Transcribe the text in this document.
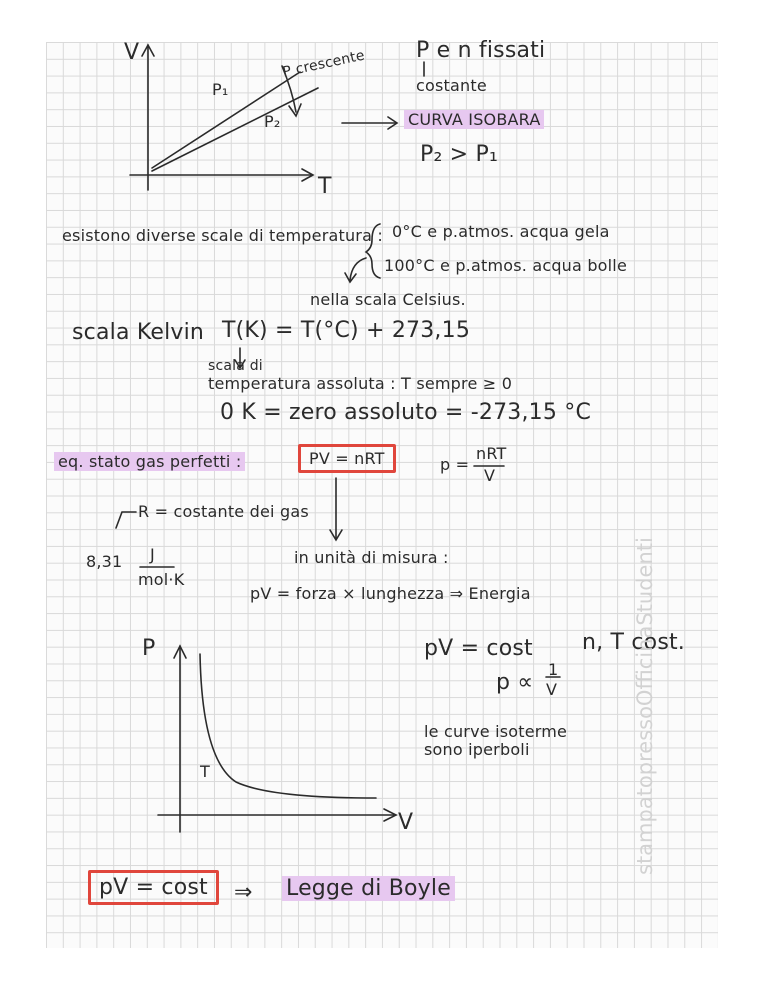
V
T
P₁
P₂
P crescente P e n fissati
costante
CURVA ISOBARA
P₂ > P₁
esistono diverse scale di temperatura : 0°C e p.atmos. acqua gela
100°C e p.atmos. acqua bolle
nella scala Celsius.
scala Kelvin T(K) = T(°C) + 273,15
scala di
temperatura assoluta : T sempre ≥ 0
0 K = zero assoluto = -273,15 °C
eq. stato gas perfetti :	PV = nRT	p =
nRT
V
R = costante dei gas
8,31 J
mol·K
in unità di misura :
pV = forza × lunghezza ⇒ Energia
P
V
T
pV = cost n, T cost.
p ∝
1
V
le curve isoterme
sono iperboli
pV = cost	⇒ Legge di Boyle
stampatopressoOfficinaStudenti
